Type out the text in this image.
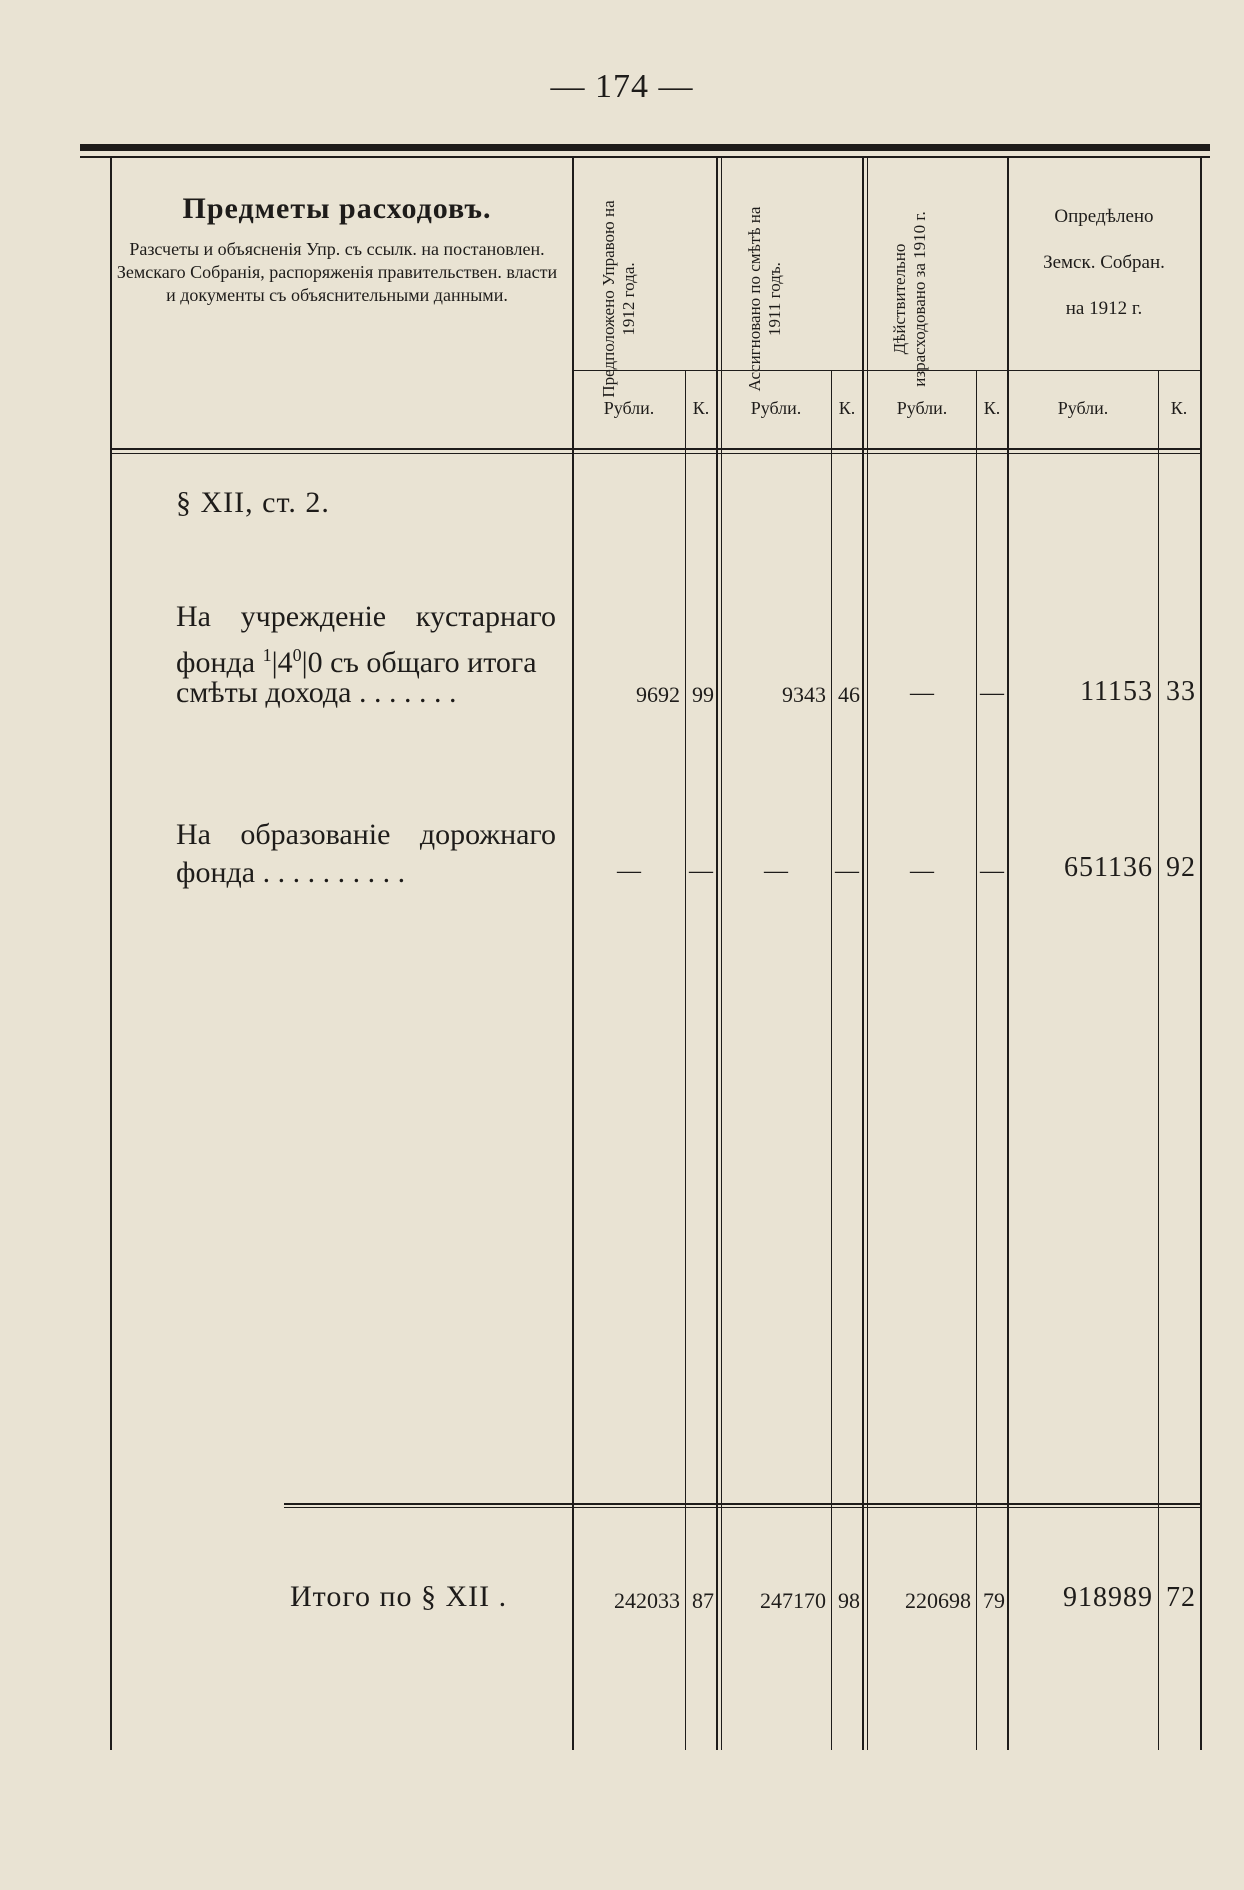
— 174 —
Предметы расходовъ.
Разсчеты и объясненія Упр. съ ссылк. на постановлен. Земскаго Собранія, распоряженія правительствен. власти и документы съ объяснительными данными.	Предположено Управою на 1912 года.	Ассигновано по смѣтѣ на 1911 годъ.	Дѣйствительно израсходовано за 1910 г.	Опредѣлено
Земск. Собран.
на 1912 г.
Рубли.	К.	Рубли.	К.	Рубли.	К.	Рубли.	К.
§ XII, ст. 2.
На учрежденіе кустарнаго
фонда $^1|4^0|0$ съ общаго итога
смѣты дохода . . . . . . .	9692 99	9343 46	—	—	11153 33
На образованіе дорожнаго
фонда . . . . . . . . . .	—	—	—	—	—	—	651136 92
Итого по § XII .	242033 87	247170 98	220698 79	918989 72
